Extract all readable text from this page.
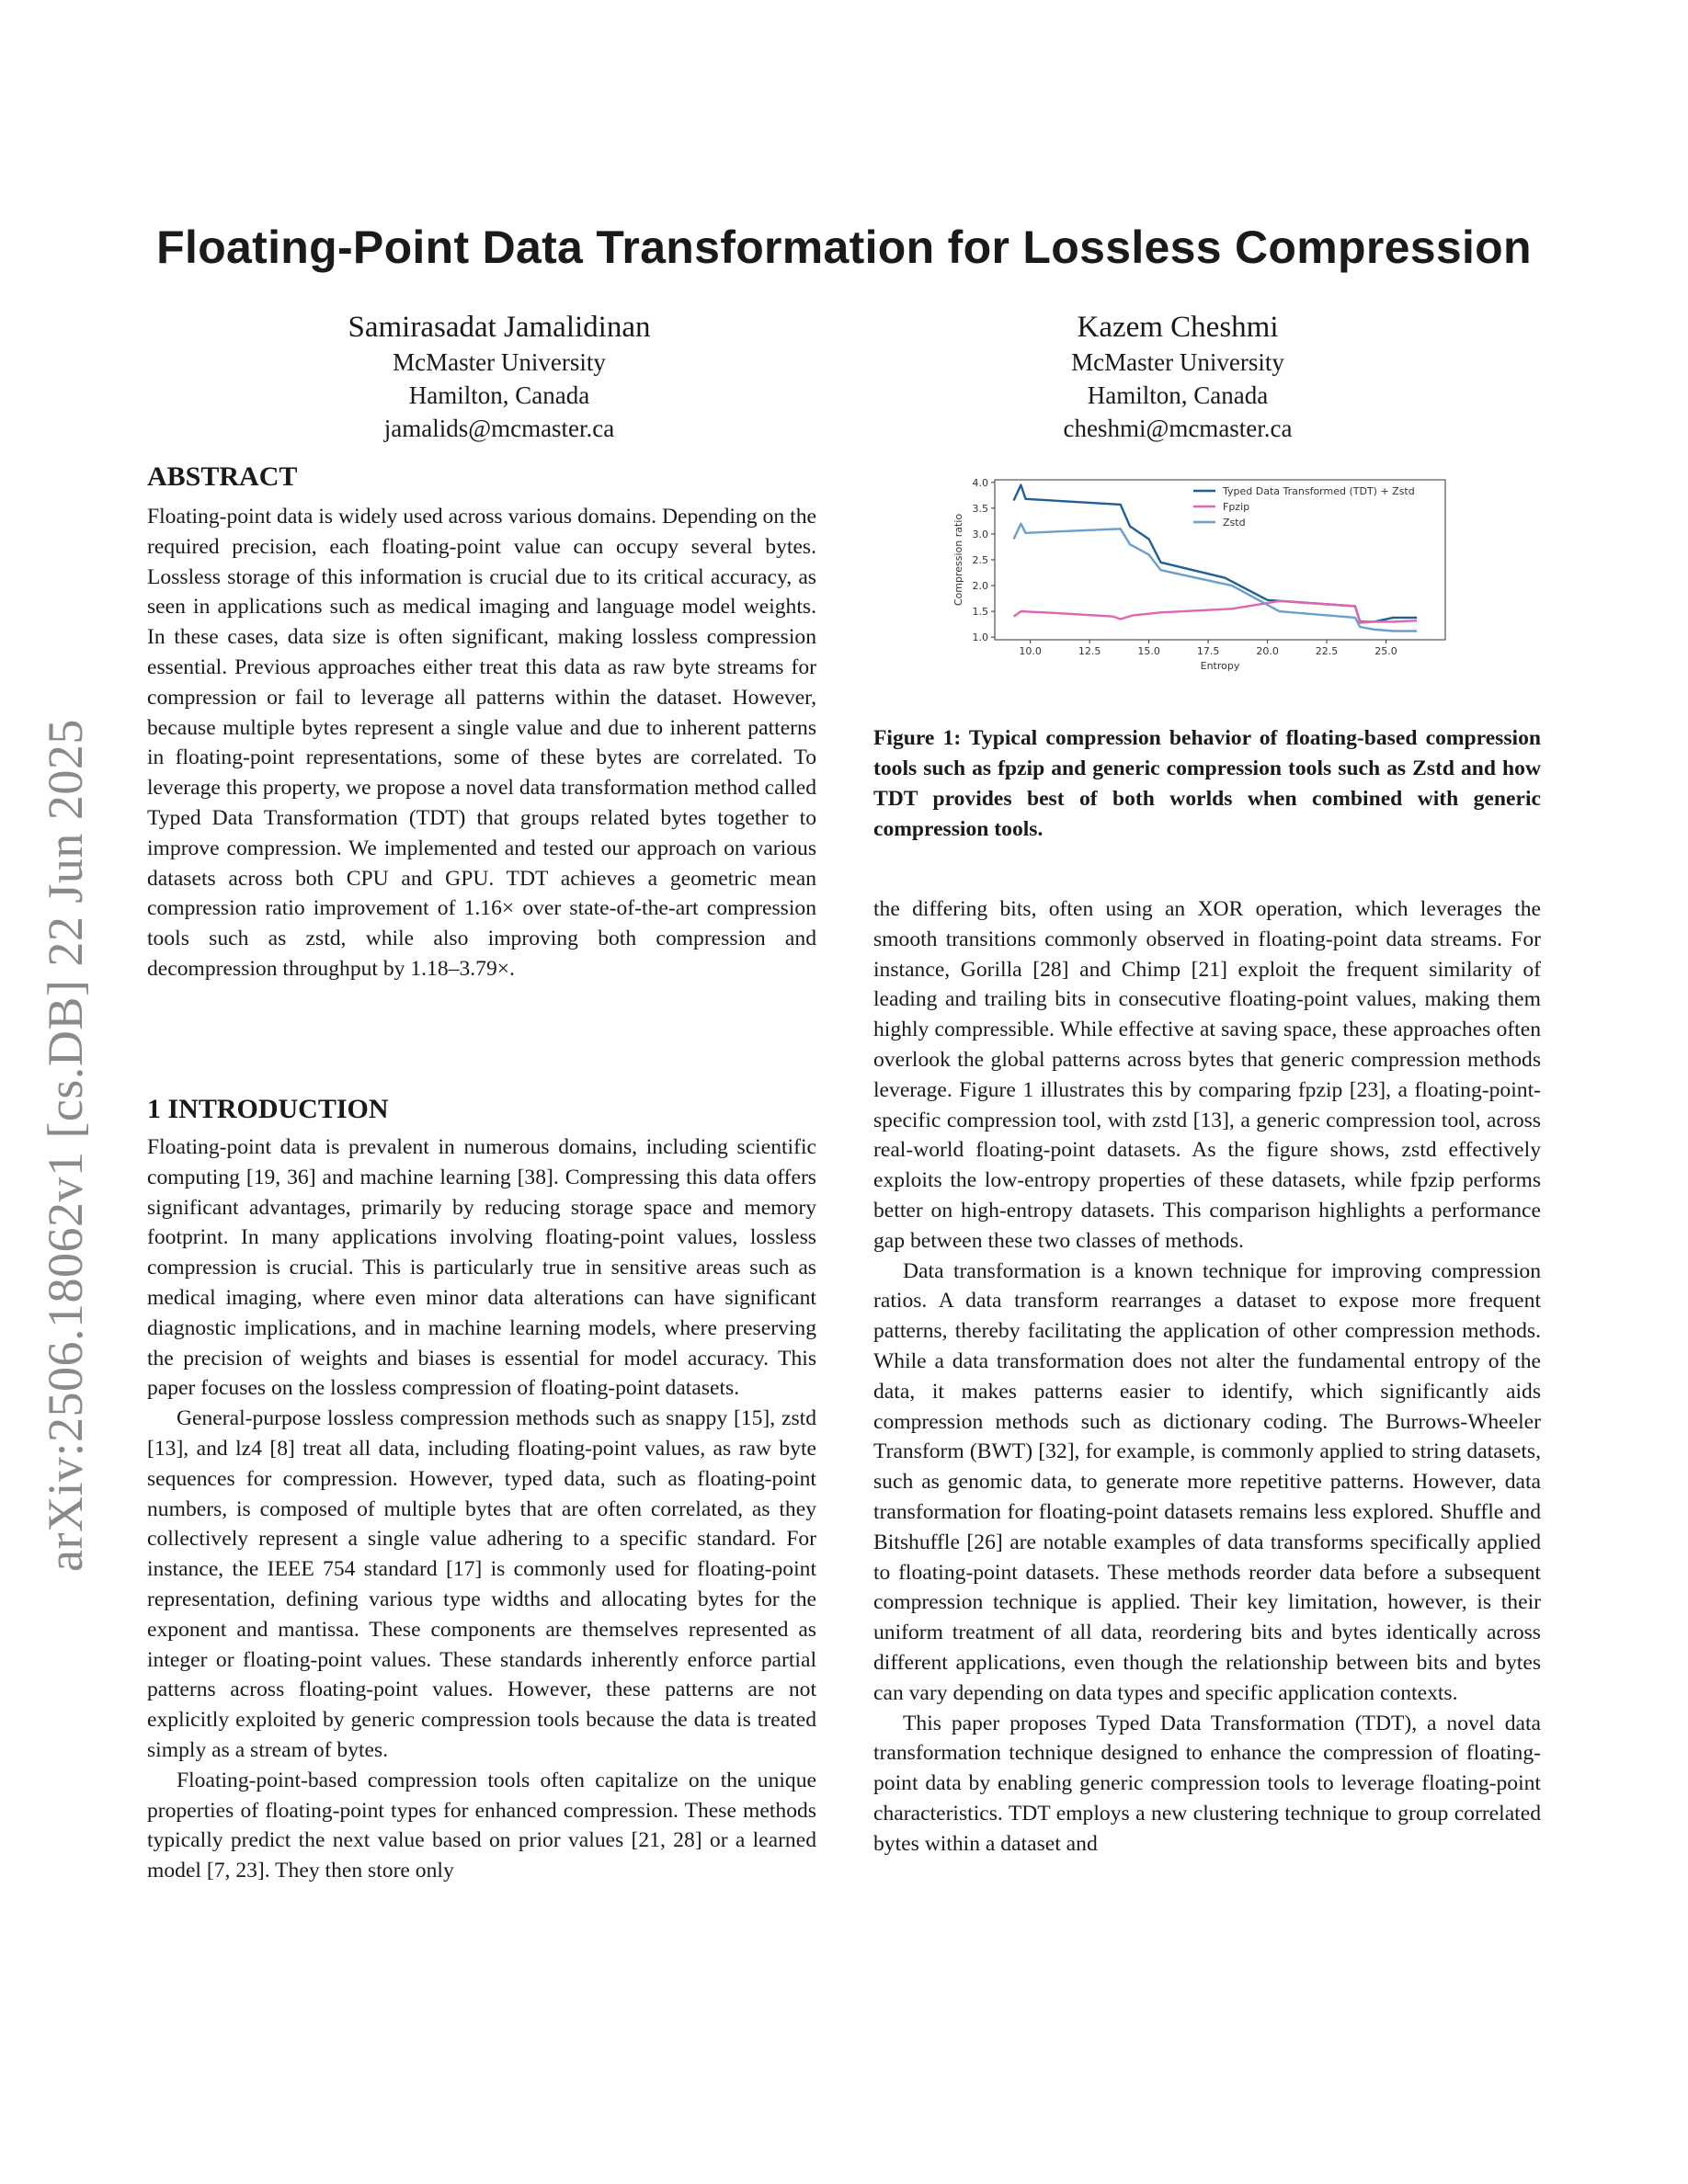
arXiv:2506.18062v1 [cs.DB] 22 Jun 2025
Floating-Point Data Transformation for Lossless Compression
Samirasadat Jamalidinan
McMaster University
Hamilton, Canada
jamalids@mcmaster.ca
Kazem Cheshmi
McMaster University
Hamilton, Canada
cheshmi@mcmaster.ca
ABSTRACT

Floating-point data is widely used across various domains. Depending on the required precision, each floating-point value can occupy several bytes. Lossless storage of this information is crucial due to its critical accuracy, as seen in applications such as medical imaging and language model weights. In these cases, data size is often significant, making lossless compression essential. Previous approaches either treat this data as raw byte streams for compression or fail to leverage all patterns within the dataset. However, because multiple bytes represent a single value and due to inherent patterns in floating-point representations, some of these bytes are correlated. To leverage this property, we propose a novel data transformation method called Typed Data Transformation (TDT) that groups related bytes together to improve compression. We implemented and tested our approach on various datasets across both CPU and GPU. TDT achieves a geometric mean compression ratio improvement of 1.16× over state-of-the-art compression tools such as zstd, while also improving both compression and decompression throughput by 1.18–3.79×.

1 INTRODUCTION

Floating-point data is prevalent in numerous domains, including scientific computing [19, 36] and machine learning [38]. Compressing this data offers significant advantages, primarily by reducing storage space and memory footprint. In many applications involving floating-point values, lossless compression is crucial. This is particularly true in sensitive areas such as medical imaging, where even minor data alterations can have significant diagnostic implications, and in machine learning models, where preserving the precision of weights and biases is essential for model accuracy. This paper focuses on the lossless compression of floating-point datasets.

General-purpose lossless compression methods such as snappy [15], zstd [13], and lz4 [8] treat all data, including floating-point values, as raw byte sequences for compression. However, typed data, such as floating-point numbers, is composed of multiple bytes that are often correlated, as they collectively represent a single value adhering to a specific standard. For instance, the IEEE 754 standard [17] is commonly used for floating-point representation, defining various type widths and allocating bytes for the exponent and mantissa. These components are themselves represented as integer or floating-point values. These standards inherently enforce partial patterns across floating-point values. However, these patterns are not explicitly exploited by generic compression tools because the data is treated simply as a stream of bytes.

Floating-point-based compression tools often capitalize on the unique properties of floating-point types for enhanced compression. These methods typically predict the next value based on prior values [21, 28] or a learned model [7, 23]. They then store only

10.0	12.5	15.0	17.5	20.0	22.5	25.0
1.0
1.5
2.0
2.5
3.0
3.5
4.0
Entropy
Compression ratio
Typed Data Transformed (TDT) + Zstd
Fpzip
Zstd

Figure 1: Typical compression behavior of floating-based compression tools such as fpzip and generic compression tools such as Zstd and how TDT provides best of both worlds when combined with generic compression tools.

the differing bits, often using an XOR operation, which leverages the smooth transitions commonly observed in floating-point data streams. For instance, Gorilla [28] and Chimp [21] exploit the frequent similarity of leading and trailing bits in consecutive floating-point values, making them highly compressible. While effective at saving space, these approaches often overlook the global patterns across bytes that generic compression methods leverage. Figure 1 illustrates this by comparing fpzip [23], a floating-point-specific compression tool, with zstd [13], a generic compression tool, across real-world floating-point datasets. As the figure shows, zstd effectively exploits the low-entropy properties of these datasets, while fpzip performs better on high-entropy datasets. This comparison highlights a performance gap between these two classes of methods.

Data transformation is a known technique for improving compression ratios. A data transform rearranges a dataset to expose more frequent patterns, thereby facilitating the application of other compression methods. While a data transformation does not alter the fundamental entropy of the data, it makes patterns easier to identify, which significantly aids compression methods such as dictionary coding. The Burrows-Wheeler Transform (BWT) [32], for example, is commonly applied to string datasets, such as genomic data, to generate more repetitive patterns. However, data transformation for floating-point datasets remains less explored. Shuffle and Bitshuffle [26] are notable examples of data transforms specifically applied to floating-point datasets. These methods reorder data before a subsequent compression technique is applied. Their key limitation, however, is their uniform treatment of all data, reordering bits and bytes identically across different applications, even though the relationship between bits and bytes can vary depending on data types and specific application contexts.

This paper proposes Typed Data Transformation (TDT), a novel data transformation technique designed to enhance the compression of floating-point data by enabling generic compression tools to leverage floating-point characteristics. TDT employs a new clustering technique to group correlated bytes within a dataset and
